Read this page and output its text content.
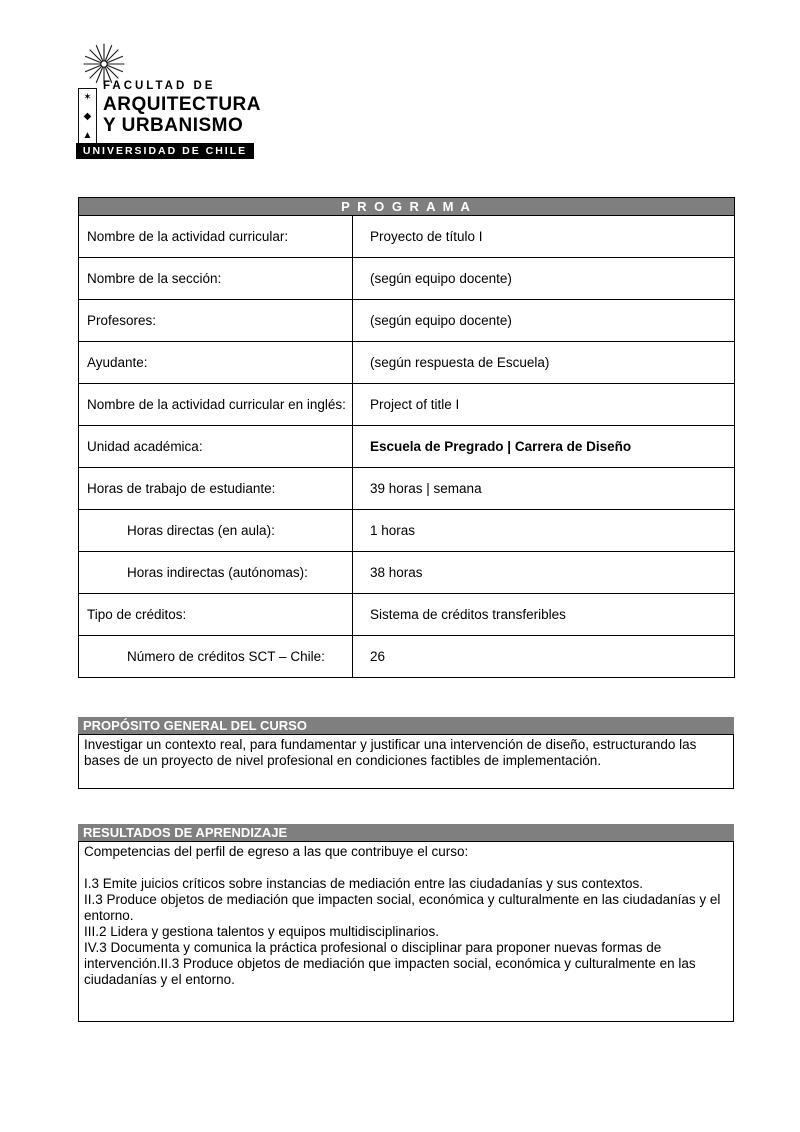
✶
◆
▲
FACULTAD DE
ARQUITECTURA
Y URBANISMO
UNIVERSIDAD DE CHILE
P R O G R A M A	
Nombre de la actividad curricular:	Proyecto de título I
Nombre de la sección:	(según equipo docente)
Profesores:	(según equipo docente)
Ayudante:	(según respuesta de Escuela)
Nombre de la actividad curricular en inglés:	Project of title I
Unidad académica:	Escuela de Pregrado | Carrera de Diseño
Horas de trabajo de estudiante:	39 horas | semana
Horas directas (en aula):	1 horas
Horas indirectas (autónomas):	38 horas
Tipo de créditos:	Sistema de créditos transferibles
Número de créditos SCT – Chile:	26
PROPÓSITO GENERAL DEL CURSO
Investigar un contexto real, para fundamentar y justificar una intervención de diseño, estructurando las bases de un proyecto de nivel profesional en condiciones factibles de implementación.
RESULTADOS DE APRENDIZAJE
Competencias del perfil de egreso a las que contribuye el curso:
I.3 Emite juicios críticos sobre instancias de mediación entre las ciudadanías y sus contextos.
II.3 Produce objetos de mediación que impacten social, económica y culturalmente en las ciudadanías y el entorno.
III.2 Lidera y gestiona talentos y equipos multidisciplinarios.
IV.3 Documenta y comunica la práctica profesional o disciplinar para proponer nuevas formas de intervención.II.3 Produce objetos de mediación que impacten social, económica y culturalmente en las ciudadanías y el entorno.
